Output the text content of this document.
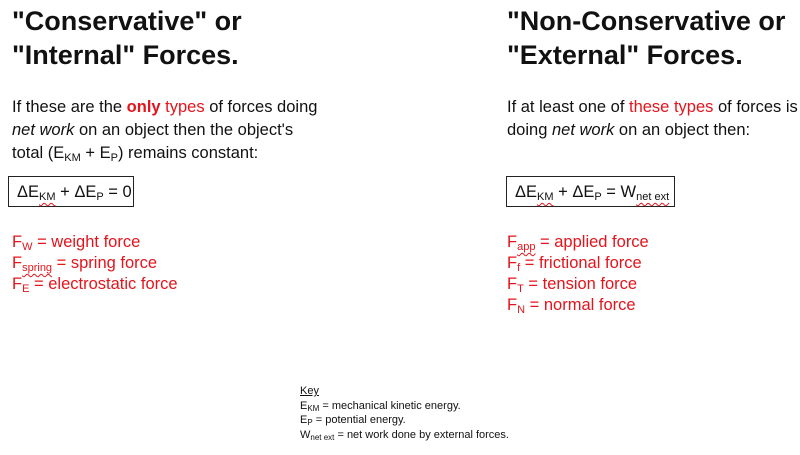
"Conservative" or
"Internal" Forces.

If these are the only types of forces doing
net work on an object then the object's
total $(E_{KM} + E_P)$ remains constant:

$\Delta E_{KM} + \Delta E_P = 0$
$F_W$ = weight force
$F_{spring}$ = spring force
$F_E$ = electrostatic force
"Non-Conservative or
"External" Forces.

If at least one of these types of forces is
doing net work on an object then:

$\Delta E_{KM} + \Delta E_P = W_{net ext}$
$F_{app}$ = applied force
$F_f$ = frictional force
$F_T$ = tension force
$F_N$ = normal force
Key
$E_{KM}$ = mechanical kinetic energy.
$E_P$ = potential energy.
$W_{net ext}$ = net work done by external forces.
